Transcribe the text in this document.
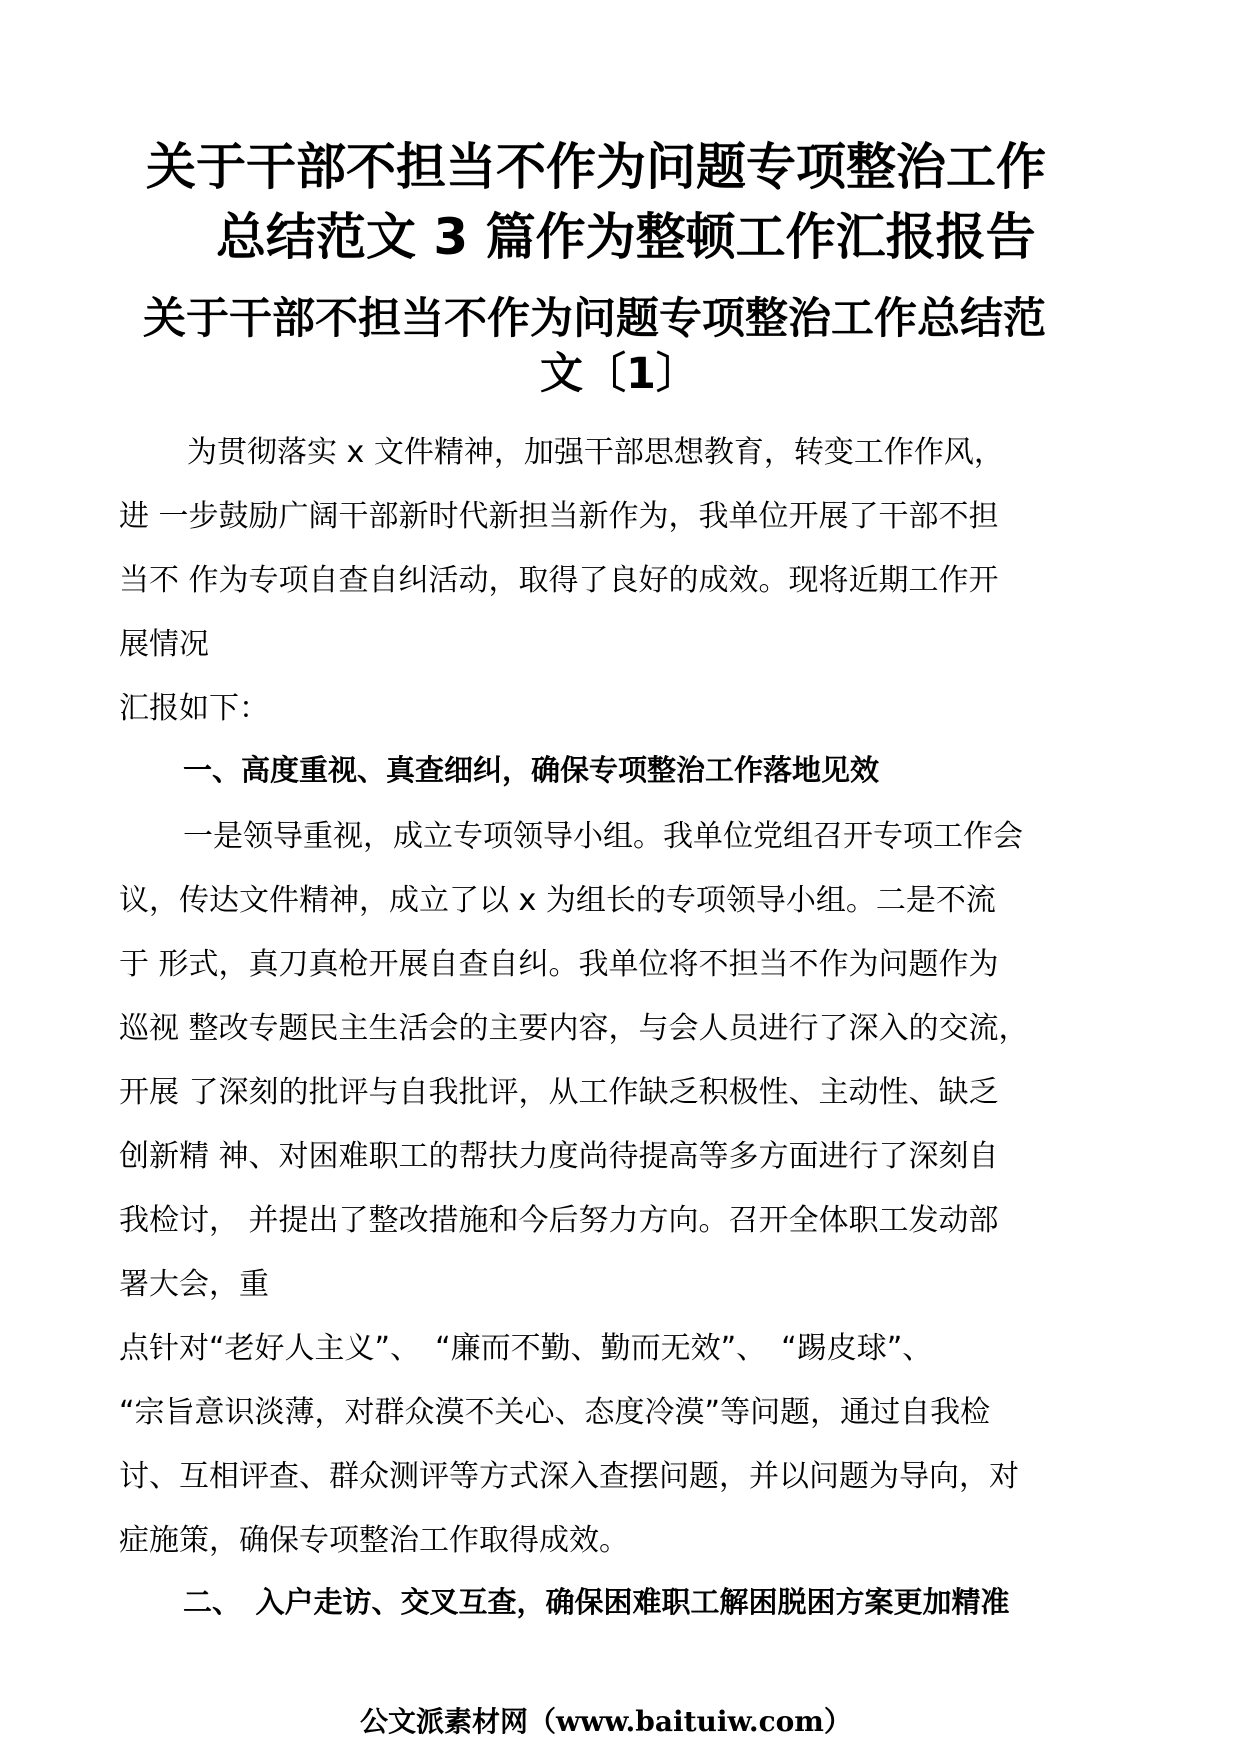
关于干部不担当不作为问题专项整治工作
总结范文 3 篇作为整顿工作汇报报告
关于干部不担当不作为问题专项整治工作总结范
文〔1〕
为贯彻落实 x 文件精神，加强干部思想教育，转变工作作风，
进 一步鼓励广阔干部新时代新担当新作为，我单位开展了干部不担
当不 作为专项自查自纠活动，取得了良好的成效。现将近期工作开
展情况
汇报如下：
一、高度重视、真查细纠，确保专项整治工作落地见效
一是领导重视，成立专项领导小组。我单位党组召开专项工作会
议，传达文件精神，成立了以 x 为组长的专项领导小组。二是不流
于 形式，真刀真枪开展自查自纠。我单位将不担当不作为问题作为
巡视 整改专题民主生活会的主要内容，与会人员进行了深入的交流，
开展 了深刻的批评与自我批评，从工作缺乏积极性、主动性、缺乏
创新精 神、对困难职工的帮扶力度尚待提高等多方面进行了深刻自
我检讨， 并提出了整改措施和今后努力方向。召开全体职工发动部
署大会，重
点针对“老好人主义”、　“廉而不勤、勤而无效”、　“踢皮球”、
“宗旨意识淡薄，对群众漠不关心、态度冷漠”等问题，通过自我检
讨、互相评查、群众测评等方式深入查摆问题，并以问题为导向，对
症施策，确保专项整治工作取得成效。
二、　入户走访、交叉互查，确保困难职工解困脱困方案更加精准
公文派素材网（www.baituiw.com）
